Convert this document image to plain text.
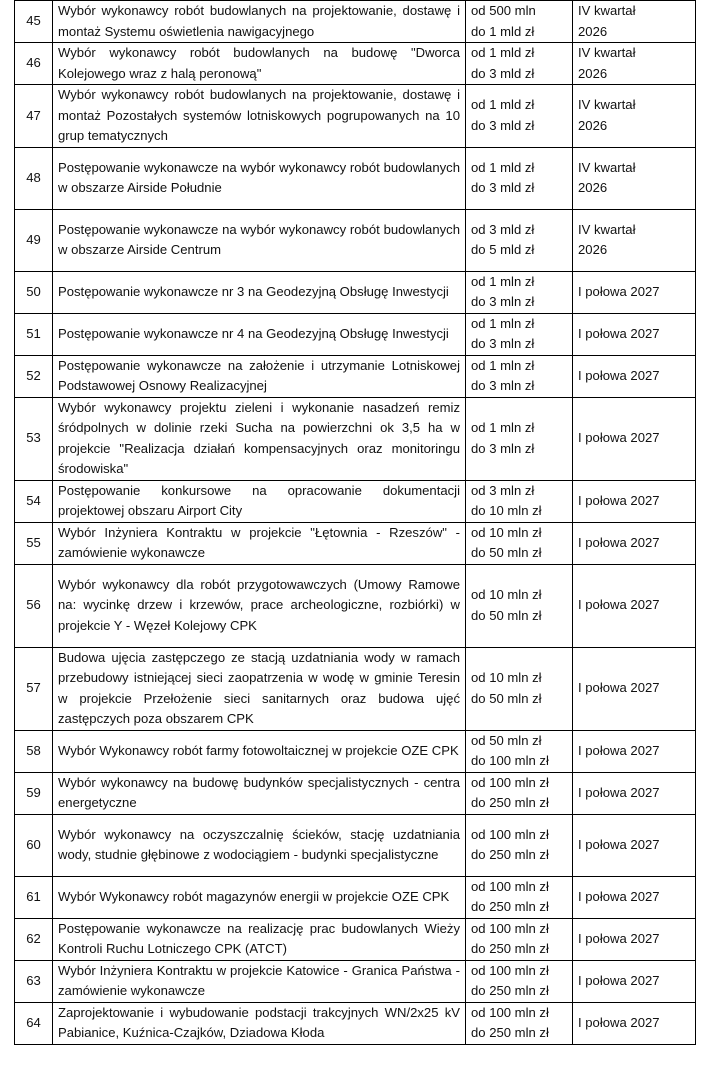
45	Wybór wykonawcy robót budowlanych na projektowanie, dostawę i montaż Systemu oświetlenia nawigacyjnego	od 500 mln
do 1 mld zł	IV kwartał
2026

46	Wybór wykonawcy robót budowlanych na budowę "Dworca Kolejowego wraz z halą peronową"	od 1 mld zł
do 3 mld zł	IV kwartał
2026

47	Wybór wykonawcy robót budowlanych na projektowanie, dostawę i montaż Pozostałych systemów lotniskowych pogrupowanych na 10 grup tematycznych	od 1 mld zł
do 3 mld zł	IV kwartał
2026

48	Postępowanie wykonawcze na wybór wykonawcy robót budowlanych w obszarze Airside Południe	od 1 mld zł
do 3 mld zł	IV kwartał
2026

49	Postępowanie wykonawcze na wybór wykonawcy robót budowlanych w obszarze Airside Centrum	od 3 mld zł
do 5 mld zł	IV kwartał
2026

50	Postępowanie wykonawcze nr 3 na Geodezyjną Obsługę Inwestycji	od 1 mln zł
do 3 mln zł	I połowa 2027

51	Postępowanie wykonawcze nr 4 na Geodezyjną Obsługę Inwestycji	od 1 mln zł
do 3 mln zł	I połowa 2027

52	Postępowanie wykonawcze na założenie i utrzymanie Lotniskowej Podstawowej Osnowy Realizacyjnej	od 1 mln zł
do 3 mln zł	I połowa 2027

53	Wybór wykonawcy projektu zieleni i wykonanie nasadzeń remiz śródpolnych w dolinie rzeki Sucha na powierzchni ok 3,5 ha w projekcie "Realizacja działań kompensacyjnych oraz monitoringu środowiska"	od 1 mln zł
do 3 mln zł	I połowa 2027

54	Postępowanie konkursowe na opracowanie dokumentacji projektowej obszaru Airport City	od 3 mln zł
do 10 mln zł	I połowa 2027

55	Wybór Inżyniera Kontraktu w projekcie "Łętownia - Rzeszów" - zamówienie wykonawcze	od 10 mln zł
do 50 mln zł	I połowa 2027

56	Wybór wykonawcy dla robót przygotowawczych (Umowy Ramowe na: wycinkę drzew i krzewów, prace archeologiczne, rozbiórki) w projekcie Y - Węzeł Kolejowy CPK	od 10 mln zł
do 50 mln zł	I połowa 2027

57	Budowa ujęcia zastępczego ze stacją uzdatniania wody w ramach przebudowy istniejącej sieci zaopatrzenia w wodę w gminie Teresin w projekcie Przełożenie sieci sanitarnych oraz budowa ujęć zastępczych poza obszarem CPK	od 10 mln zł
do 50 mln zł	I połowa 2027

58	Wybór Wykonawcy robót farmy fotowoltaicznej w projekcie OZE CPK	od 50 mln zł
do 100 mln zł	I połowa 2027

59	Wybór wykonawcy na budowę budynków specjalistycznych - centra energetyczne	od 100 mln zł
do 250 mln zł	I połowa 2027

60	Wybór wykonawcy na oczyszczalnię ścieków, stację uzdatniania wody, studnie głębinowe z wodociągiem - budynki specjalistyczne	od 100 mln zł
do 250 mln zł	I połowa 2027

61	Wybór Wykonawcy robót magazynów energii w projekcie OZE CPK	od 100 mln zł
do 250 mln zł	I połowa 2027

62	Postępowanie wykonawcze na realizację prac budowlanych Wieży Kontroli Ruchu Lotniczego CPK (ATCT)	od 100 mln zł
do 250 mln zł	I połowa 2027

63	Wybór Inżyniera Kontraktu w projekcie Katowice - Granica Państwa - zamówienie wykonawcze	od 100 mln zł
do 250 mln zł	I połowa 2027

64	Zaprojektowanie i wybudowanie podstacji trakcyjnych WN/2x25 kV Pabianice, Kuźnica-Czajków, Dziadowa Kłoda	od 100 mln zł
do 250 mln zł	I połowa 2027
